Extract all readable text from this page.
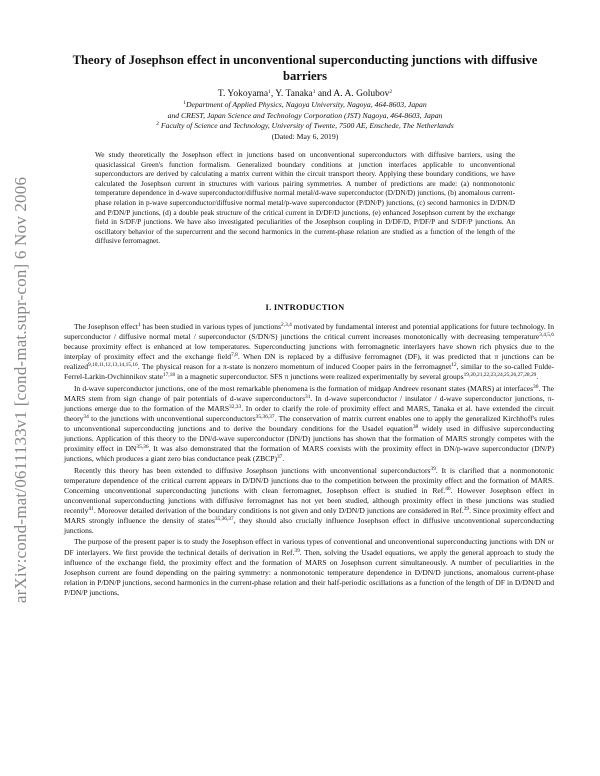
arXiv:cond-mat/0611133v1 [cond-mat.supr-con] 6 Nov 2006
Theory of Josephson effect in unconventional superconducting junctions with diffusive barriers
T. Yokoyama$^1$, Y. Tanaka$^1$ and A. A. Golubov$^2$
$^1$Department of Applied Physics, Nagoya University, Nagoya, 464-8603, Japan
and CREST, Japan Science and Technology Corporation (JST) Nagoya, 464-8603, Japan
$^2$ Faculty of Science and Technology, University of Twente, 7500 AE, Enschede, The Netherlands
(Dated: May 6, 2019)
We study theoretically the Josephson effect in junctions based on unconventional superconductors with diffusive barriers, using the quasiclassical Green's function formalism. Generalized boundary conditions at junction interfaces applicable to unconventional superconductors are derived by calculating a matrix current within the circuit transport theory. Applying these boundary conditions, we have calculated the Josephson current in structures with various pairing symmetries. A number of predictions are made: (a) nonmonotonic temperature dependence in d-wave superconductor/diffusive normal metal/d-wave superconductor (D/DN/D) junctions, (b) anomalous current-phase relation in p-wave superconductor/diffusive normal metal/p-wave superconductor (P/DN/P) junctions, (c) second harmonics in D/DN/D and P/DN/P junctions, (d) a double peak structure of the critical current in D/DF/D junctions, (e) enhanced Josephson current by the exchange field in S/DF/P junctions. We have also investigated peculiarities of the Josephson coupling in D/DF/D, P/DF/P and S/DF/P junctions. An oscillatory behavior of the supercurrent and the second harmonics in the current-phase relation are studied as a function of the length of the diffusive ferromagnet.
I. INTRODUCTION

The Josephson effect$^1$ has been studied in various types of junctions$^{2,3,4}$ motivated by fundamental interest and potential applications for future technology. In superconductor / diffusive normal metal / superconductor (S/DN/S) junctions the critical current increases monotonically with decreasing temperature$^{3,4,5,6}$ because proximity effect is enhanced at low temperatures. Superconducting junctions with ferromagnetic interlayers have shown rich physics due to the interplay of proximity effect and the exchange field$^{7,8}$. When DN is replaced by a diffusive ferromagnet (DF), it was predicted that π junctions can be realized$^{9,10,11,12,13,14,15,16}$. The physical reason for a π-state is nonzero momentum of induced Cooper pairs in the ferromagnet$^{12}$, similar to the so-called Fulde-Ferrel-Larkin-Ovchinnikov state$^{17,18}$ in a magnetic superconductor. SFS π junctions were realized experimentally by several groups$^{19,20,21,22,23,24,25,26,27,28,29}$.

In d-wave superconductor junctions, one of the most remarkable phenomena is the formation of midgap Andreev resonant states (MARS) at interfaces$^{30}$. The MARS stem from sign change of pair potentials of d-wave superconductors$^{31}$. In d-wave superconductor / insulator / d-wave superconductor junctions, π-junctions emerge due to the formation of the MARS$^{32,33}$. In order to clarify the role of proximity effect and MARS, Tanaka et al. have extended the circuit theory$^{34}$ to the junctions with unconventional superconductors$^{35,36,37}$. The conservation of matrix current enables one to apply the generalized Kirchhoff's rules to unconventional superconducting junctions and to derive the boundary conditions for the Usadel equation$^{38}$ widely used in diffusive superconducting junctions. Application of this theory to the DN/d-wave superconductor (DN/D) junctions has shown that the formation of MARS strongly competes with the proximity effect in DN$^{35,36}$. It was also demonstrated that the formation of MARS coexists with the proximity effect in DN/p-wave superconductor (DN/P) junctions, which produces a giant zero bias conductance peak (ZBCP)$^{37}$.

Recently this theory has been extended to diffusive Josephson junctions with unconventional superconductors$^{39}$. It is clarified that a nonmonotonic temperature dependence of the critical current appears in D/DN/D junctions due to the competition between the proximity effect and the formation of MARS. Concerning unconventional superconducting junctions with clean ferromagnet, Josephson effect is studied in Ref.$^{40}$. However Josephson effect in unconventional superconducting junctions with diffusive ferromagnet has not yet been studied, although proximity effect in these junctions was studied recently$^{41}$. Moreover detailed derivation of the boundary conditions is not given and only D/DN/D junctions are considered in Ref.$^{39}$. Since proximity effect and MARS strongly influence the density of states$^{35,36,37}$, they should also crucially influence Josephson effect in diffusive unconventional superconducting junctions.

The purpose of the present paper is to study the Josephson effect in various types of conventional and unconventional superconducting junctions with DN or DF interlayers. We first provide the technical details of derivation in Ref.$^{39}$. Then, solving the Usadel equations, we apply the general approach to study the influence of the exchange field, the proximity effect and the formation of MARS on Josephson current simultaneously. A number of peculiarities in the Josephson current are found depending on the pairing symmetry: a nonmonotonic temperature dependence in D/DN/D junctions, anomalous current-phase relation in P/DN/P junctions, second harmonics in the current-phase relation and their half-periodic oscillations as a function of the length of DF in D/DN/D and P/DN/P junctions,
